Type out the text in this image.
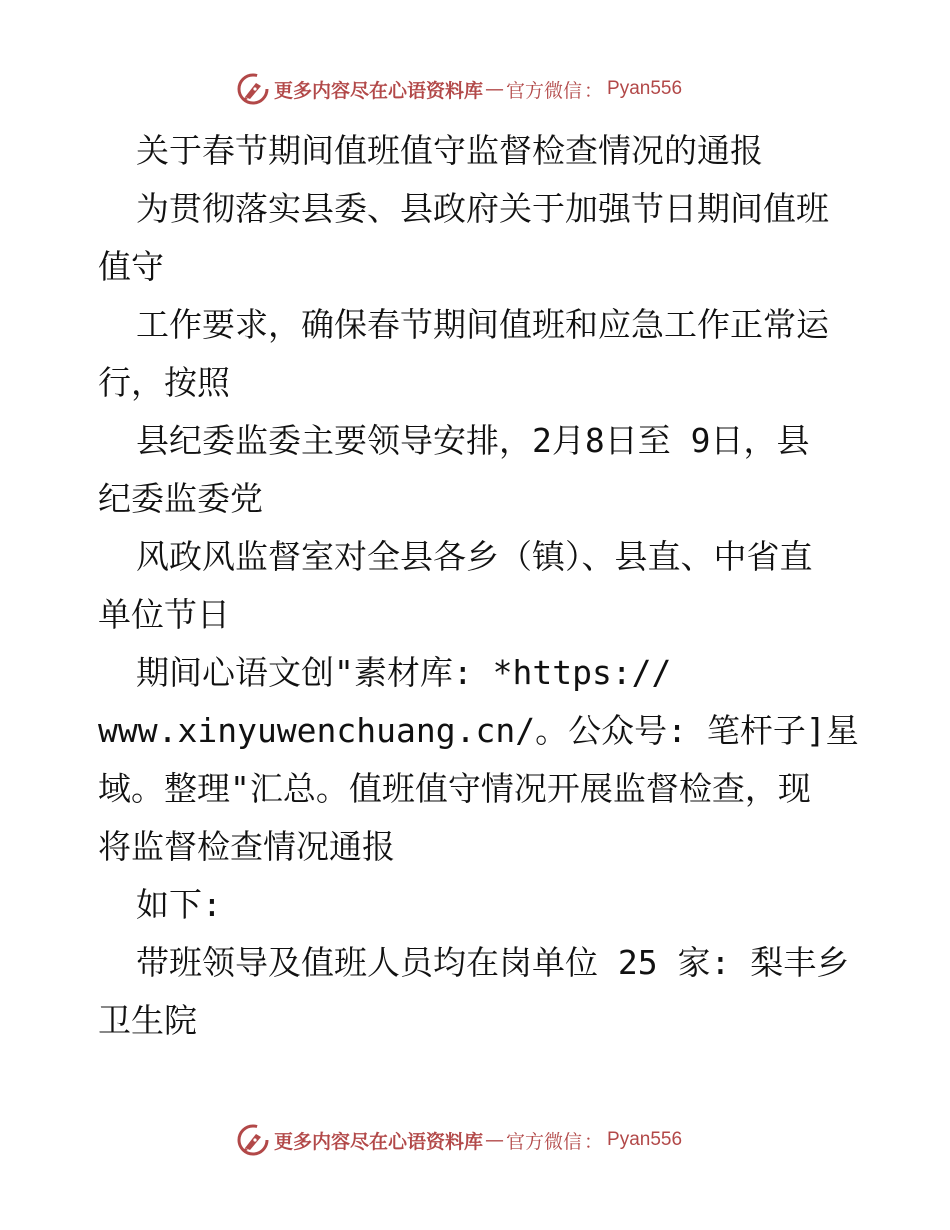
更多内容尽在心语资料库 — 官方微信 ： Pyan556

关于春节期间值班值守监督检查情况的通报

为贯彻落实县委、县政府关于加强节日期间值班

值守

工作要求，确保春节期间值班和应急工作正常运

行，按照

县纪委监委主要领导安排，2月8日至 9日，县

纪委监委党

风政风监督室对全县各乡（镇）、县直、中省直

单位节日

期间心语文创"素材库: *https://

www.xinyuwenchuang.cn/。公众号: 笔杆子]星

域。整理"汇总。值班值守情况开展监督检查，现

将监督检查情况通报

如下:

带班领导及值班人员均在岗单位 25 家: 梨丰乡

卫生院

更多内容尽在心语资料库 — 官方微信 ： Pyan556
